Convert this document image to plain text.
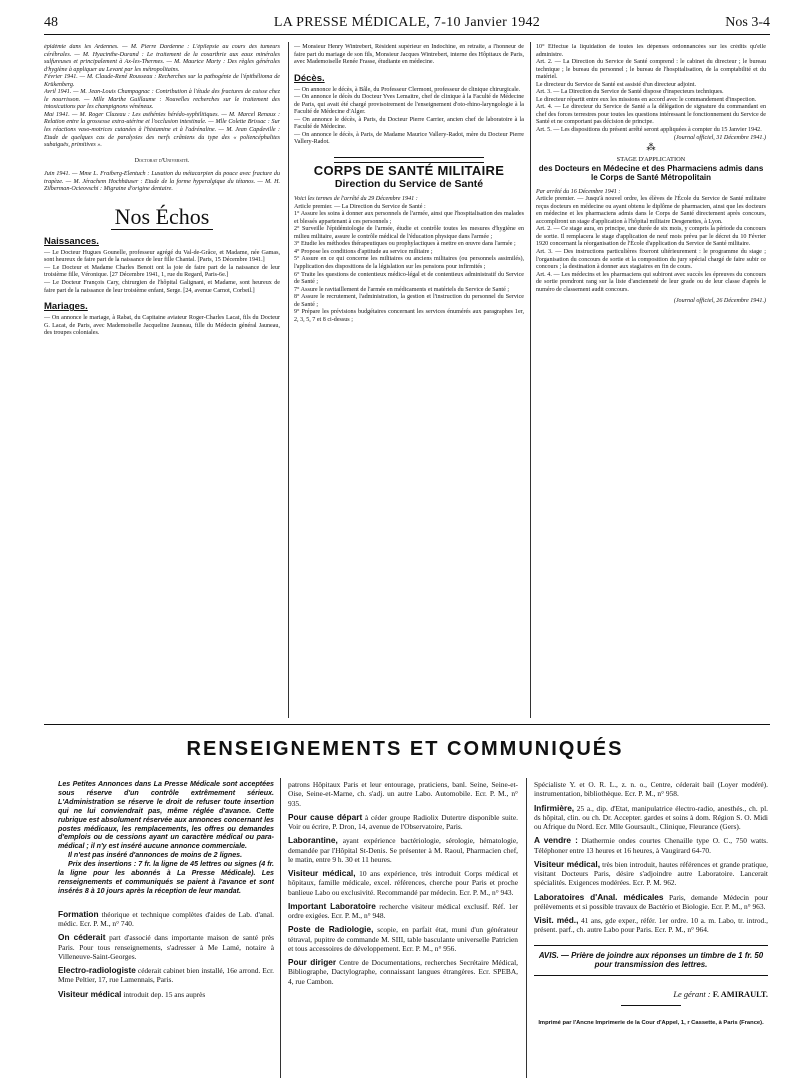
48	LA PRESSE MÉDICALE, 7-10 Janvier 1942	Nos 3-4

épidémie dans les Ardennes. — M. Pierre Dardenne : L'épilepsie au cours des tumeurs cérébrales. — M. Hyacinthe-Durand : Le traitement de la coxarthrie aux eaux minérales sulfureuses et principalement à Ax-les-Thermes. — M. Maurice Marty : Des règles générales d'hygiène à appliquer au Levant par les métropolitains.

Février 1941. — M. Claude-René Rousseau : Recherches sur la pathogénie de l'épithélioma de Krükenberg.

Avril 1941. — M. Jean-Louis Champagnac : Contribution à l'étude des fractures de cuisse chez le nourrisson. — Mlle Marthe Guillaume : Nouvelles recherches sur le traitement des intoxications par les champignons vénéneux.

Mai 1941. — M. Roger Cluzeau : Les asthénies hérédo-syphilitiques. — M. Marcel Renaux : Relation entre la grossesse extra-utérine et l'occlusion intestinale. — Mlle Colette Brissac : Sur les réactions vaso-motrices cutanées à l'histamine et à l'adrénaline. — M. Jean Capdeville : Etude de quelques cas de paralysies des nerfs crâniens du type des « poliencéphalites subaiguës, primitives ».

Doctorat d'Université.

Juin 1941. — Mme L. Fraiberg-Elentuch : Luxation du métacarpien du pouce avec fracture du trapèze. — M. Jérachem Hochhäuser : Etude de la forme hyperalgique du tétanos. — M. H. Zilberman-Ocieovschi : Migraine d'origine dentaire.

Nos Échos
Naissances.

— Le Docteur Hugues Gounelle, professeur agrégé du Val-de-Grâce, et Madame, née Gamas, sont heureux de faire part de la naissance de leur fille Chantal. [Paris, 15 Décembre 1941.]

— Le Docteur et Madame Charles Benoit ont la joie de faire part de la naissance de leur troisième fille, Véronique. [27 Décembre 1941, 1, rue du Regard, Paris-6e.]

— Le Docteur François Cary, chirurgien de l'hôpital Galignani, et Madame, sont heureux de faire part de la naissance de leur troisième enfant, Serge. [24, avenue Carnot, Corbeil.]

Mariages.

— On annonce le mariage, à Rabat, du Capitaine aviateur Roger-Charles Lacat, fils du Docteur G. Lacat, de Paris, avec Mademoiselle Jacqueline Jauneau, fille du Médecin général Jauneau, des troupes coloniales.

— Monsieur Henry Wintrebert, Résident supérieur en Indochine, en retraite, a l'honneur de faire part du mariage de son fils, Monsieur Jacques Wintrebert, interne des Hôpitaux de Paris, avec Mademoiselle Renée Frasse, étudiante en médecine.

Décès.

— On annonce le décès, à Bâle, du Professeur Clermont, professeur de clinique chirurgicale.

— On annonce le décès du Docteur Yves Lemaitre, chef de clinique à la Faculté de Médecine de Paris, qui avait été chargé provisoirement de l'enseignement d'oto-rhino-laryngologie à la Faculté de Médecine d'Alger.

— On annonce le décès, à Paris, du Docteur Pierre Carrier, ancien chef de laboratoire à la Faculté de Médecine.

— On annonce le décès, à Paris, de Madame Maurice Vallery-Radot, mère du Docteur Pierre Vallery-Radot.

CORPS DE SANTÉ MILITAIRE
Direction du Service de Santé

Voici les termes de l'arrêté du 29 Décembre 1941 :

Article premier. — La Direction du Service de Santé :

1° Assure les soins à donner aux personnels de l'armée, ainsi que l'hospitalisation des malades et blessés appartenant à ces personnels ;

2° Surveille l'épidémiologie de l'armée, étudie et contrôle toutes les mesures d'hygiène en milieu militaire, assure le contrôle médical de l'éducation physique dans l'armée ;

3° Etudie les méthodes thérapeutiques ou prophylactiques à mettre en œuvre dans l'armée ;

4° Propose les conditions d'aptitude au service militaire ;

5° Assure en ce qui concerne les militaires ou anciens militaires (ou personnels assimilés), l'application des dispositions de la législation sur les pensions pour infirmités ;

6° Traite les questions de contentieux médico-légal et de contentieux administratif du Service de Santé ;

7° Assure le ravitaillement de l'armée en médicaments et matériels du Service de Santé ;

8° Assure le recrutement, l'administration, la gestion et l'instruction du personnel du Service de Santé ;

9° Prépare les prévisions budgétaires concernant les services énumérés aux paragraphes 1er, 2, 3, 5, 7 et 8 ci-dessus ;

10° Effectue la liquidation de toutes les dépenses ordonnancées sur les crédits qu'elle administre.

Art. 2. — La Direction du Service de Santé comprend : le cabinet du directeur ; le bureau technique ; le bureau du personnel ; le bureau de l'hospitalisation, de la comptabilité et du matériel.

Le directeur du Service de Santé est assisté d'un directeur adjoint.

Art. 3. — La Direction du Service de Santé dispose d'inspecteurs techniques.

Le directeur répartit entre eux les missions en accord avec le commandement d'inspection.

Art. 4. — Le directeur du Service de Santé a la délégation de signature du commandant en chef des forces terrestres pour toutes les questions intéressant le fonctionnement du Service de Santé et ne comportant pas décision de principe.

Art. 5. — Les dispositions du présent arrêté seront appliquées à compter du 15 Janvier 1942.

(Journal officiel, 31 Décembre 1941.)

⁂
STAGE D'APPLICATION
des Docteurs en Médecine et des Pharmaciens admis dans le Corps de Santé Métropolitain

Par arrêté du 16 Décembre 1941 :

Article premier. — Jusqu'à nouvel ordre, les élèves de l'École du Service de Santé militaire reçus docteurs en médecine ou ayant obtenu le diplôme de pharmacien, ainsi que les docteurs en médecine et les pharmaciens admis dans le Corps de Santé directement après concours, accompliront un stage d'application à l'hôpital militaire Desgenettes, à Lyon.

Art. 2. — Ce stage aura, en principe, une durée de six mois, y compris la période du concours de sortie. Il remplacera le stage d'application de neuf mois prévu par le décret du 10 Février 1920 concernant la réorganisation de l'École d'application du Service de Santé militaire.

Art. 3. — Des instructions particulières fixeront ultérieurement : le programme du stage ; l'organisation du concours de sortie et la composition du jury spécial chargé de faire subir ce concours ; la destination à donner aux stagiaires en fin de cours.

Art. 4. — Les médecins et les pharmaciens qui subiront avec succès les épreuves du concours de sortie prendront rang sur la liste d'ancienneté de leur grade ou de leur classe d'après le numéro de classement audit concours.

(Journal officiel, 26 Décembre 1941.)

RENSEIGNEMENTS ET COMMUNIQUÉS

Les Petites Annonces dans La Presse Médicale sont acceptées sous réserve d'un contrôle extrêmement sérieux. L'Administration se réserve le droit de refuser toute insertion qui ne lui conviendrait pas, même réglée d'avance. Cette rubrique est absolument réservée aux annonces concernant les postes médicaux, les remplacements, les offres ou demandes d'emplois ou de cessions ayant un caractère médical ou para-médical ; il n'y est inséré aucune annonce commerciale.

Il n'est pas inséré d'annonces de moins de 2 lignes.

Prix des insertions : 7 fr. la ligne de 45 lettres ou signes (4 fr. la ligne pour les abonnés à La Presse Médicale). Les renseignements et communiqués se paient à l'avance et sont insérés 8 à 10 jours après la réception de leur mandat.

Formation théorique et technique complètes d'aides de Lab. d'anal. médic. Ecr. P. M., n° 740.

On céderait part d'associé dans importante maison de santé près Paris. Pour tous renseignements, s'adresser à Me Lamé, notaire à Villeneuve-Saint-Georges.

Electro-radiologiste céderait cabinet bien installé, 16e arrond. Ecr. Mme Peltier, 17, rue Lamennais, Paris.

Visiteur médical introduit dep. 15 ans auprès

patrons Hôpitaux Paris et leur entourage, praticiens, banl. Seine, Seine-et-Oise, Seine-et-Marne, ch. s'adj. un autre Labo. Automobile. Ecr. P. M., n° 935.

Pour cause départ à céder groupe Radiolix Dutertre disponible suite. Voir ou écrire, P. Dron, 14, avenue de l'Observatoire, Paris.

Laborantine, ayant expérience bactériologie, sérologie, hématologie, demandée par l'Hôpital St-Denis. Se présenter à M. Raoul, Pharmacien chef, le matin, entre 9 h. 30 et 11 heures.

Visiteur médical, 10 ans expérience, très introduit Corps médical et hôpitaux, famille médicale, excel. références, cherche pour Paris et proche banlieue Labo ou exclusivité. Recommandé par médecin. Ecr. P. M., n° 943.

Important Laboratoire recherche visiteur médical exclusif. Réf. 1er ordre exigées. Ecr. P. M., n° 948.

Poste de Radiologie, scopie, en parfait état, muni d'un générateur tétraval, pupitre de commande M. SIII, table basculante universelle Patricien et tous accessoires de développement. Ecr. P. M., n° 956.

Pour diriger Centre de Documentations, recherches Secrétaire Médical, Bibliographe, Dactylographe, connaissant langues étrangères. Ecr. SPEBA, 4, rue Cambon.

Spécialiste Y. et O. R. L., z. n. o., Centre, céderait bail (Loyer modéré). instrumentation, bibliothèque. Ecr. P. M., n° 958.

Infirmière, 25 a., dip. d'Etat, manipulatrice électro-radio, anesthés., ch. pl. ds hôpital, clin. ou ch. Dr. Accepter. gardes et soins à dom. Région S. O. Midi ou Afrique du Nord. Ecr. Mlle Goursault., Clinique, Fleurance (Gers).

A vendre : Diathermie ondes courtes Chenaille type O. C., 750 watts. Téléphoner entre 13 heures et 16 heures, à Vaugirard 64-70.

Visiteur médical, très bien introduit, hautes références et grande pratique, visitant Docteurs Paris, désire s'adjoindre autre Laboratoire. Lancerait spécialités. Exigences modérées. Ecr. P. M. 962.

Laboratoires d'Anal. médicales Paris, demande Médecin pour prélèvements et si possible travaux de Bactério et Biologie. Ecr. P. M., n° 963.

Visit. méd., 41 ans, gde exper., référ. 1er ordre. 10 a. m. Labo, tr. introd., présent. parf., ch. autre Labo pour Paris. Ecr. P. M., n° 964.

AVIS. — Prière de joindre aux réponses un timbre de 1 fr. 50 pour transmission des lettres.
Le gérant : F. AMIRAULT.
Imprimé par l'Ancne Imprimerie de la Cour d'Appel, 1, r Cassette, à Paris (France).
